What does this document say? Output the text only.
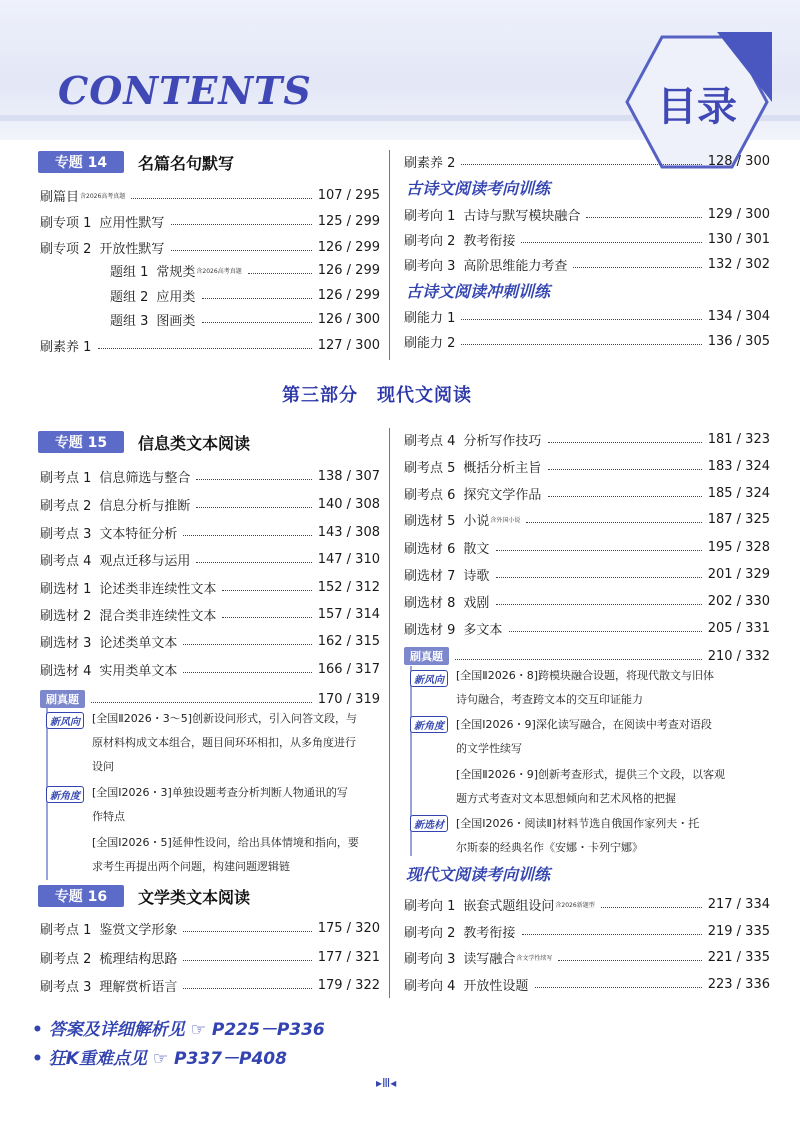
CONTENTS	目录
专题 14	名篇名句默写
刷篇目 含2026高考真题	107 / 295
刷专项 1 应用性默写	125 / 299
刷专项 2 开放性默写	126 / 299
题组 1 常规类 含2026高考真题	126 / 299
题组 2 应用类	126 / 299
题组 3 图画类	126 / 300
刷素养 1	127 / 300
刷素养 2	128 / 300
刷考向 1 古诗与默写模块融合	129 / 300
刷考向 2 教考衔接	130 / 301
刷考向 3 高阶思维能力考查	132 / 302
刷能力 1	134 / 304
刷能力 2	136 / 305
第三部分　现代文阅读
专题 15	信息类文本阅读
刷考点 1 信息筛选与整合	138 / 307
刷考点 2 信息分析与推断	140 / 308
刷考点 3 文本特征分析	143 / 308
刷考点 4 观点迁移与运用	147 / 310
刷选材 1 论述类非连续性文本	152 / 312
刷选材 2 混合类非连续性文本	157 / 314
刷选材 3 论述类单文本	162 / 315
刷选材 4 实用类单文本	166 / 317
刷真题	170 / 319
专题 16	文学类文本阅读
刷考点 1 鉴赏文学形象	175 / 320
刷考点 2 梳理结构思路	177 / 321
刷考点 3 理解赏析语言	179 / 322
刷考点 4 分析写作技巧	181 / 323
刷考点 5 概括分析主旨	183 / 324
刷考点 6 探究文学作品	185 / 324
刷选材 5 小说 含外国小说	187 / 325
刷选材 6 散文	195 / 328
刷选材 7 诗歌	201 / 329
刷选材 8 戏剧	202 / 330
刷选材 9 多文本	205 / 331
刷真题	210 / 332
刷考向 1 嵌套式题组设问 含2026新题型	217 / 334
刷考向 2 教考衔接	219 / 335
刷考向 3 读写融合 含文学性续写	221 / 335
刷考向 4 开放性设题	223 / 336
• 答案及详细解析见 ☞ P225－P336
• 狂K重难点见 ☞ P337－P408
▸Ⅲ◂
古诗文阅读考向训练
古诗文阅读冲刺训练
新风向
新角度
[全国Ⅱ2026・3～5]创新设问形式，引入问答文段，与
原材料构成文本组合，题目间环环相扣，从多角度进行
设问
[全国Ⅰ2026・3]单独设题考查分析判断人物通讯的写
作特点
[全国Ⅰ2026・5]延伸性设问，给出具体情境和指向，要
求考生再提出两个问题，构建问题逻辑链
新风向
新角度
新选材
[全国Ⅱ2026・8]跨模块融合设题，将现代散文与旧体
诗句融合，考查跨文本的交互印证能力
[全国Ⅰ2026・9]深化读写融合，在阅读中考查对语段
的文学性续写
[全国Ⅱ2026・9]创新考查形式，提供三个文段，以客观
题方式考查对文本思想倾向和艺术风格的把握
[全国Ⅰ2026・阅读Ⅱ]材料节选自俄国作家列夫・托
尔斯泰的经典名作《安娜・卡列宁娜》
现代文阅读考向训练
